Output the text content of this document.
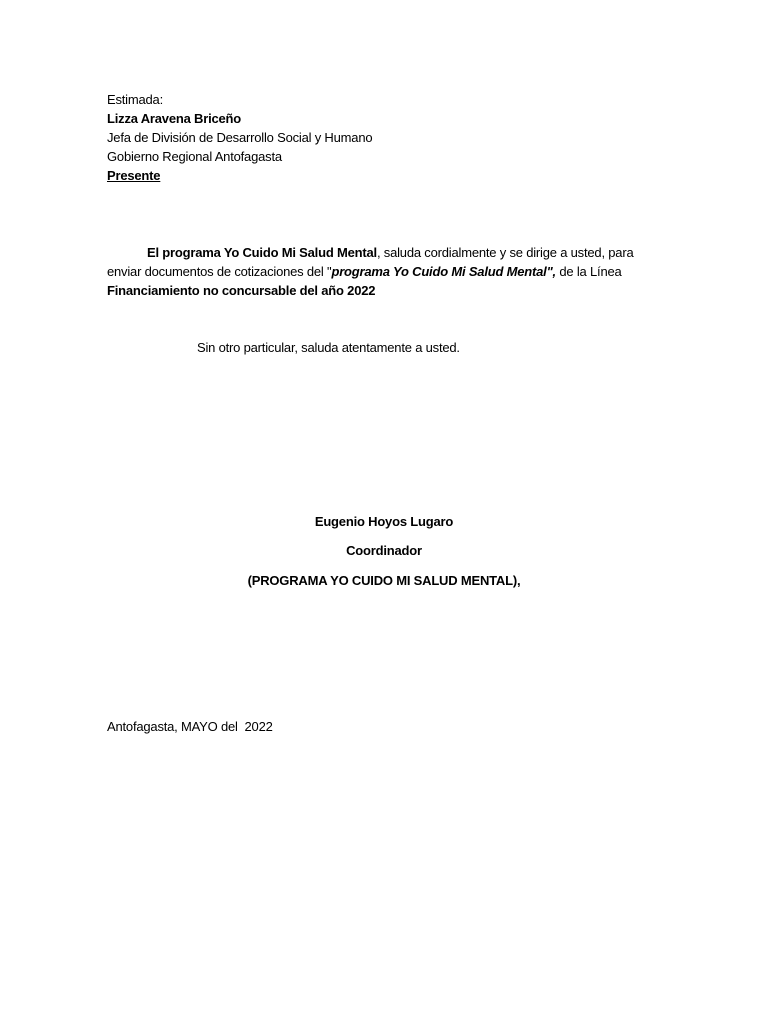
Estimada:
Lizza Aravena Briceño
Jefa de División de Desarrollo Social y Humano
Gobierno Regional Antofagasta
Presente
El programa Yo Cuido Mi Salud Mental, saluda cordialmente y se dirige a usted, para
enviar documentos de cotizaciones del "programa Yo Cuido Mi Salud Mental", de la Línea
Financiamiento no concursable del año 2022
Sin otro particular, saluda atentamente a usted.
Eugenio Hoyos Lugaro
Coordinador
(PROGRAMA YO CUIDO MI SALUD MENTAL),
Antofagasta, MAYO del  2022
